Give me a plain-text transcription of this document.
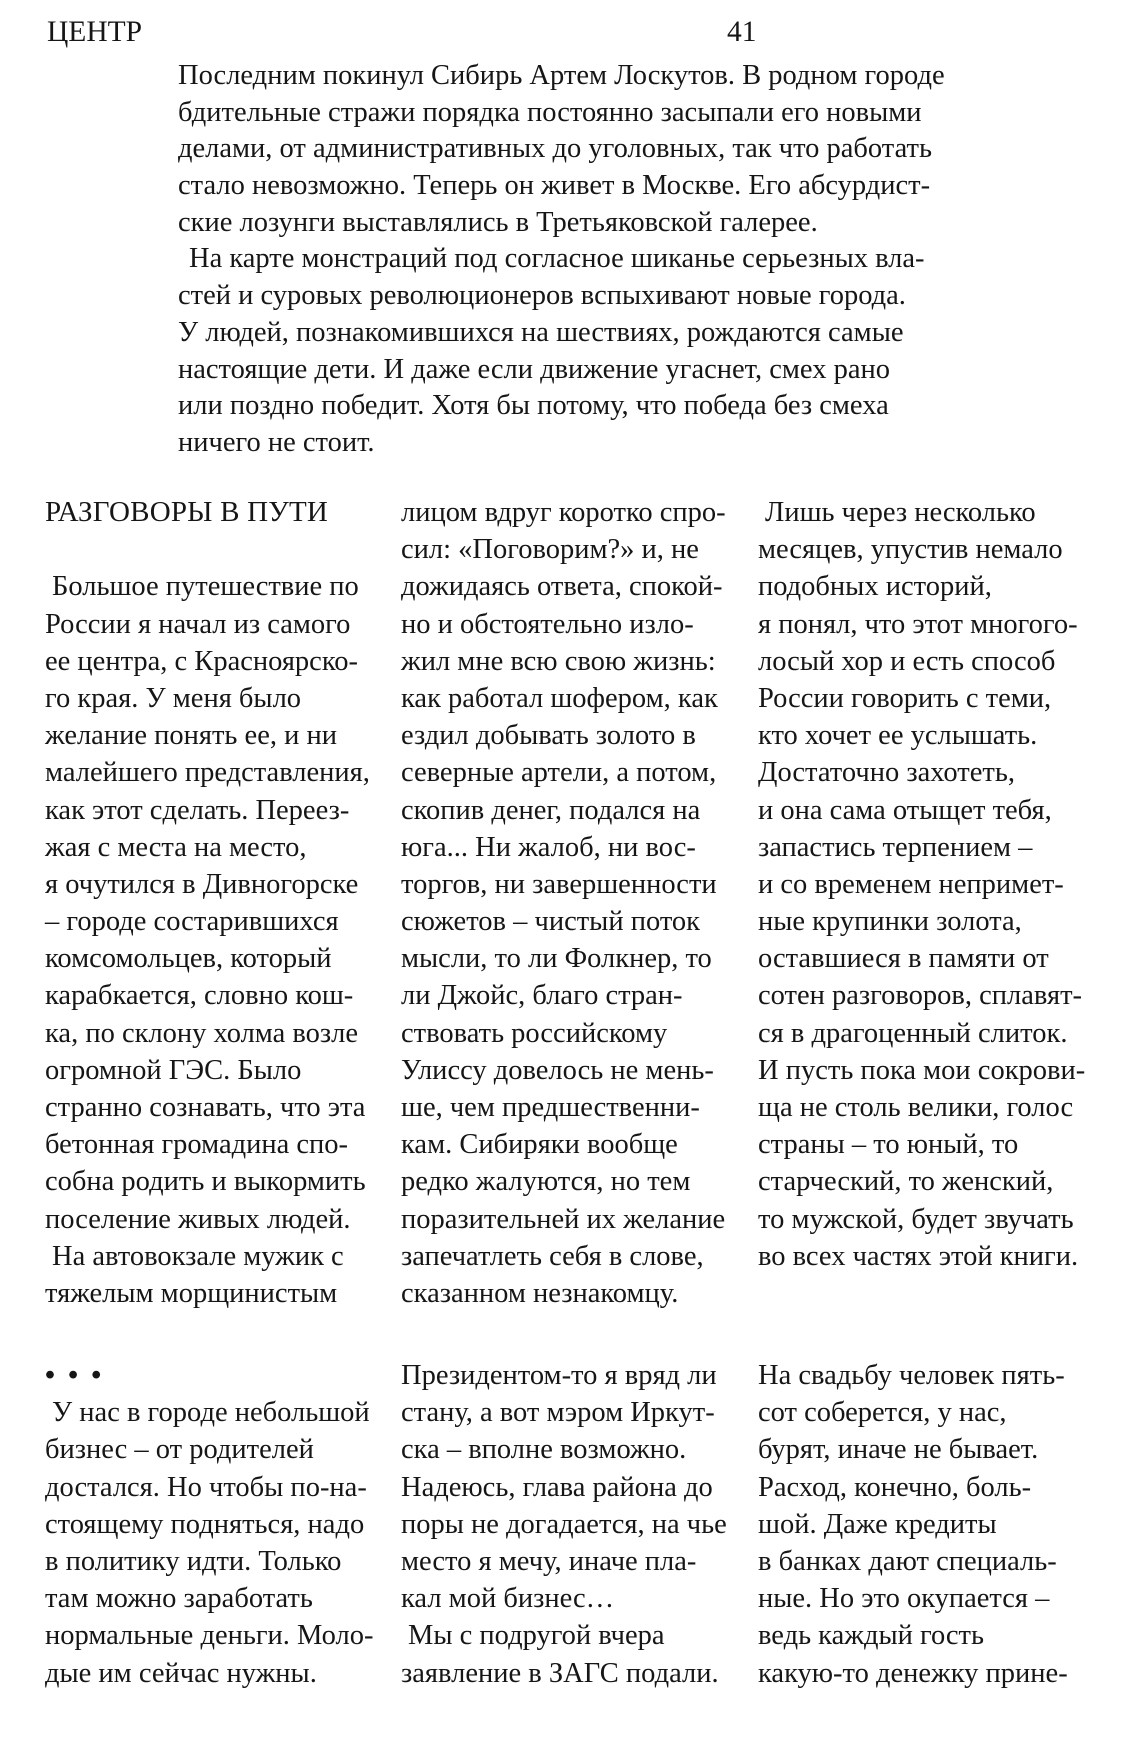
ЦЕНТР	41
Последним покинул Сибирь Артем Лоскутов. В родном городе
бдительные стражи порядка постоянно засыпали его новыми
делами, от административных до уголовных, так что работать
стало невозможно. Теперь он живет в Москве. Его абсурдист-
ские лозунги выставлялись в Третьяковской галерее.
На карте монстраций под согласное шиканье серьезных вла-
стей и суровых революционеров вспыхивают новые города.
У людей, познакомившихся на шествиях, рождаются самые
настоящие дети. И даже если движение угаснет, смех рано
или поздно победит. Хотя бы потому, что победа без смеха
ничего не стоит.
РАЗГОВОРЫ В ПУТИ
Большое путешествие по
России я начал из самого
ее центра, с Красноярско-
го края. У меня было
желание понять ее, и ни
малейшего представления,
как этот сделать. Переез-
жая с места на место,
я очутился в Дивногорске
– городе состарившихся
комсомольцев, который
карабкается, словно кош-
ка, по склону холма возле
огромной ГЭС. Было
странно сознавать, что эта
бетонная громадина спо-
собна родить и выкормить
поселение живых людей.
На автовокзале мужик с
тяжелым морщинистым
лицом вдруг коротко спро-
сил: «Поговорим?» и, не
дожидаясь ответа, спокой-
но и обстоятельно изло-
жил мне всю свою жизнь:
как работал шофером, как
ездил добывать золото в
северные артели, а потом,
скопив денег, подался на
юга... Ни жалоб, ни вос-
торгов, ни завершенности
сюжетов – чистый поток
мысли, то ли Фолкнер, то
ли Джойс, благо стран-
ствовать российскому
Улиссу довелось не мень-
ше, чем предшественни-
кам. Сибиряки вообще
редко жалуются, но тем
поразительней их желание
запечатлеть себя в слове,
сказанном незнакомцу.
Лишь через несколько
месяцев, упустив немало
подобных историй,
я понял, что этот многого-
лосый хор и есть способ
России говорить с теми,
кто хочет ее услышать.
Достаточно захотеть,
и она сама отыщет тебя,
запастись терпением –
и со временем непримет-
ные крупинки золота,
оставшиеся в памяти от
сотен разговоров, сплавят-
ся в драгоценный слиток.
И пусть пока мои сокрови-
ща не столь велики, голос
страны – то юный, то
старческий, то женский,
то мужской, будет звучать
во всех частях этой книги.
• • •
У нас в городе небольшой
бизнес – от родителей
достался. Но чтобы по-на-
стоящему подняться, надо
в политику идти. Только
там можно заработать
нормальные деньги. Моло-
дые им сейчас нужны.
Президентом-то я вряд ли
стану, а вот мэром Иркут-
ска – вполне возможно.
Надеюсь, глава района до
поры не догадается, на чье
место я мечу, иначе пла-
кал мой бизнес…
Мы с подругой вчера
заявление в ЗАГС подали.
На свадьбу человек пять-
сот соберется, у нас,
бурят, иначе не бывает.
Расход, конечно, боль-
шой. Даже кредиты
в банках дают специаль-
ные. Но это окупается –
ведь каждый гость
какую-то денежку прине-
